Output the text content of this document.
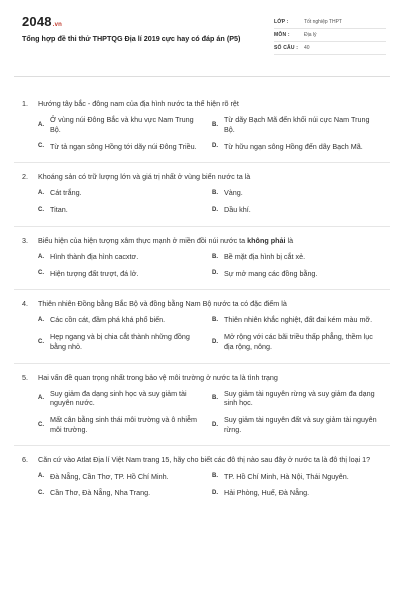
2048 .vn
Tổng hợp đề thi thử THPTQG Địa lí 2019 cực hay có đáp án (P5)
LỚP :	Tốt nghiệp THPT
MÔN :	Địa lý
SỐ CÂU :	40
1.	Hướng tây bắc - đông nam của địa hình nước ta thể hiện rõ rệt
A.
Ở vùng núi Đông Bắc và khu vực Nam Trung Bộ.
B.
Từ dãy Bạch Mã đến khối núi cực Nam Trung Bộ.
C. Từ tả ngạn sông Hồng tới dãy núi Đông Triều.	D. Từ hữu ngạn sông Hồng đến dãy Bạch Mã.
2.	Khoáng sản có trữ lượng lớn và giá trị nhất ở vùng biển nước ta là
A. Cát trắng.	B. Vàng.
C. Titan.	D. Dầu khí.
3.	Biểu hiện của hiện tượng xâm thực mạnh ở miền đồi núi nước ta không phải là
A. Hình thành địa hình cacxtơ.	B. Bề mặt địa hình bị cắt xẻ.
C. Hiện tượng đất trượt, đá lở.	D. Sự mở mang các đồng bằng.
4.	Thiên nhiên Đồng bằng Bắc Bộ và đồng bằng Nam Bộ nước ta có đặc điểm là
A. Các cồn cát, đầm phá khá phổ biến.	B. Thiên nhiên khắc nghiệt, đất đai kém màu mỡ.
C.
Hẹp ngang và bị chia cắt thành những đồng bằng nhỏ.
D.
Mở rộng với các bãi triều thấp phẳng, thềm lục địa rộng, nông.
5.	Hai vấn đề quan trọng nhất trong bảo vệ môi trường ở nước ta là tình trạng
A.
Suy giảm đa dạng sinh học và suy giảm tài nguyên nước.
B.
Suy giảm tài nguyên rừng và suy giảm đa dạng sinh học.
C.
Mất cân bằng sinh thái môi trường và ô nhiễm môi trường.
D.
Suy giảm tài nguyên đất và suy giảm tài nguyên rừng.
6.	Căn cứ vào Atlat Địa lí Việt Nam trang 15, hãy cho biết các đô thị nào sau đây ở nước ta là đô thị loại 1?
A. Đà Nẵng, Cần Thơ, TP. Hồ Chí Minh.	B. TP. Hồ Chí Minh, Hà Nội, Thái Nguyên.
C. Cần Thơ, Đà Nẵng, Nha Trang.	D. Hải Phòng, Huế, Đà Nẵng.
